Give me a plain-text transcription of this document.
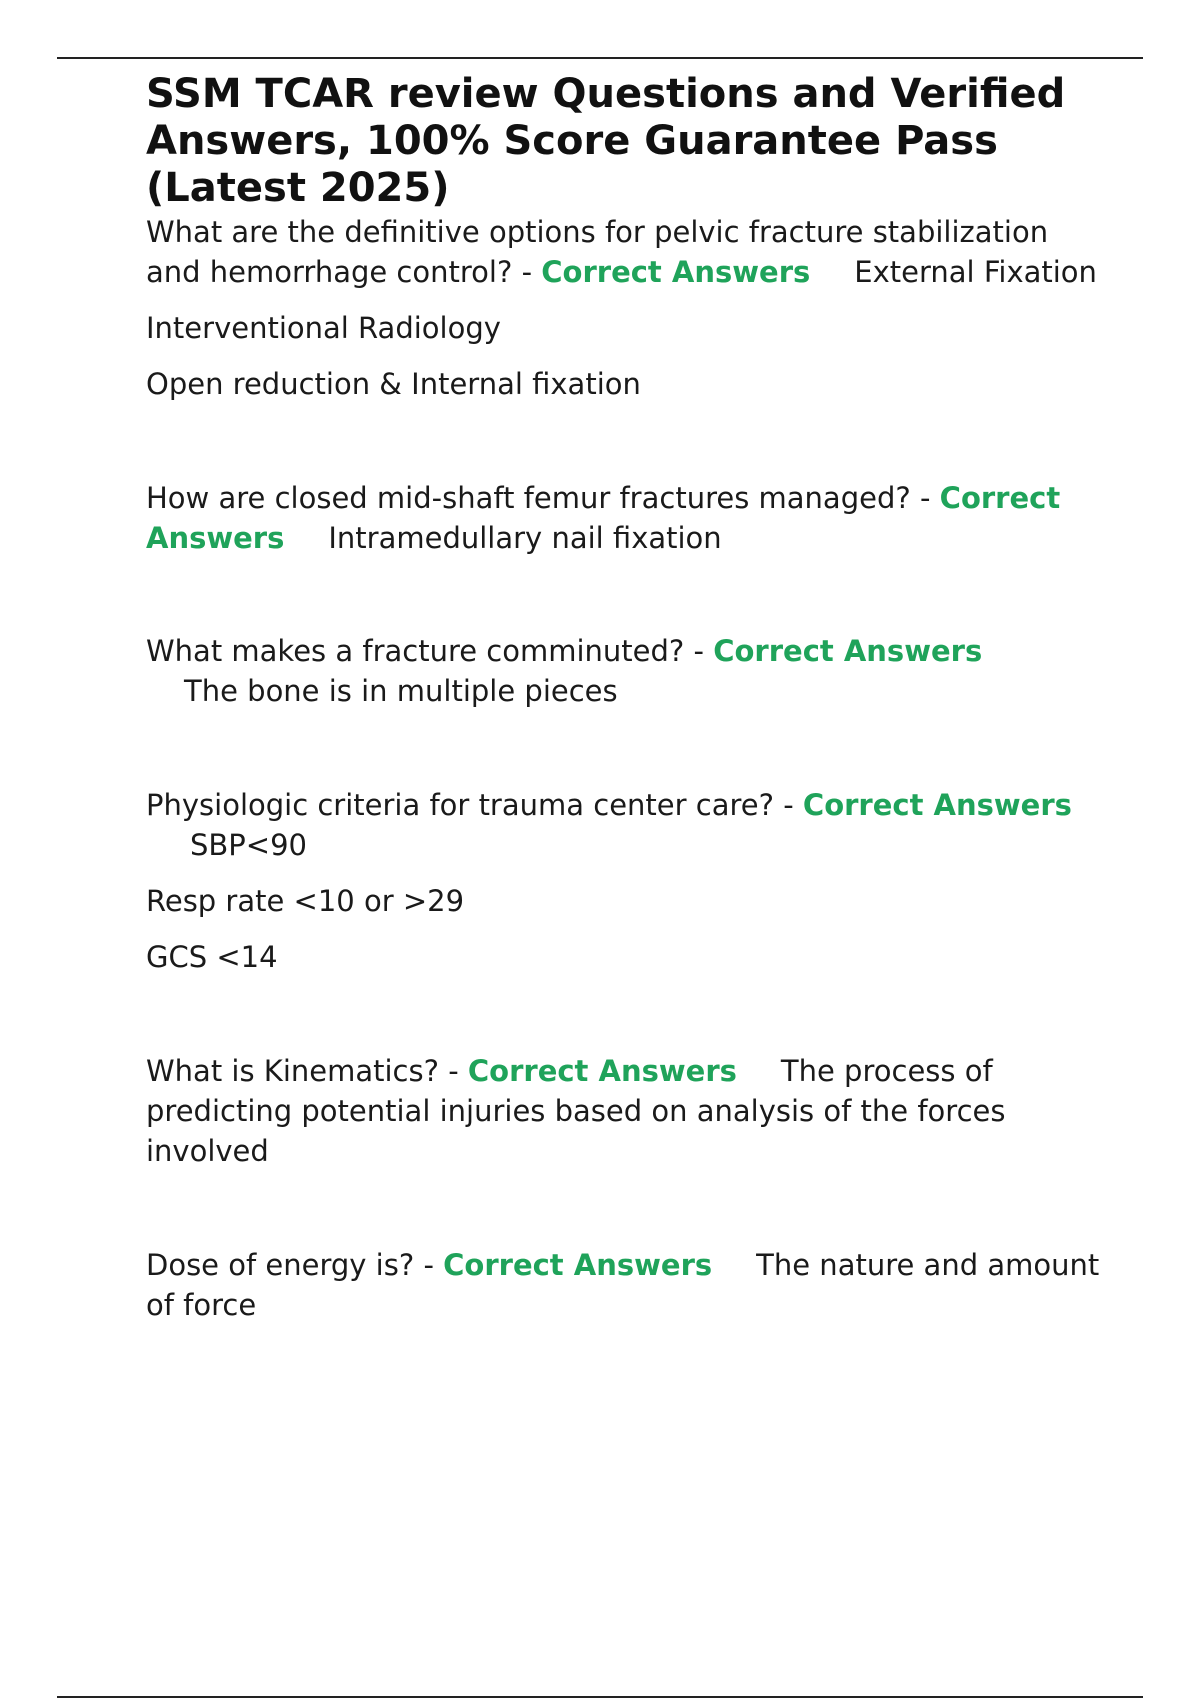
SSM TCAR review Questions and Verified Answers, 100% Score Guarantee Pass (Latest 2025)

What are the definitive options for pelvic fracture stabilization and hemorrhage control? - Correct Answers External Fixation

Interventional Radiology

Open reduction & Internal fixation

How are closed mid-shaft femur fractures managed? - Correct Answers Intramedullary nail fixation

What makes a fracture comminuted? - Correct Answers
The bone is in multiple pieces

Physiologic criteria for trauma center care? - Correct AnswersSBP<90

Resp rate <10 or >29

GCS <14

What is Kinematics? - Correct Answers The process of predicting potential injuries based on analysis of the forces involved

Dose of energy is? - Correct Answers The nature and amount of force
